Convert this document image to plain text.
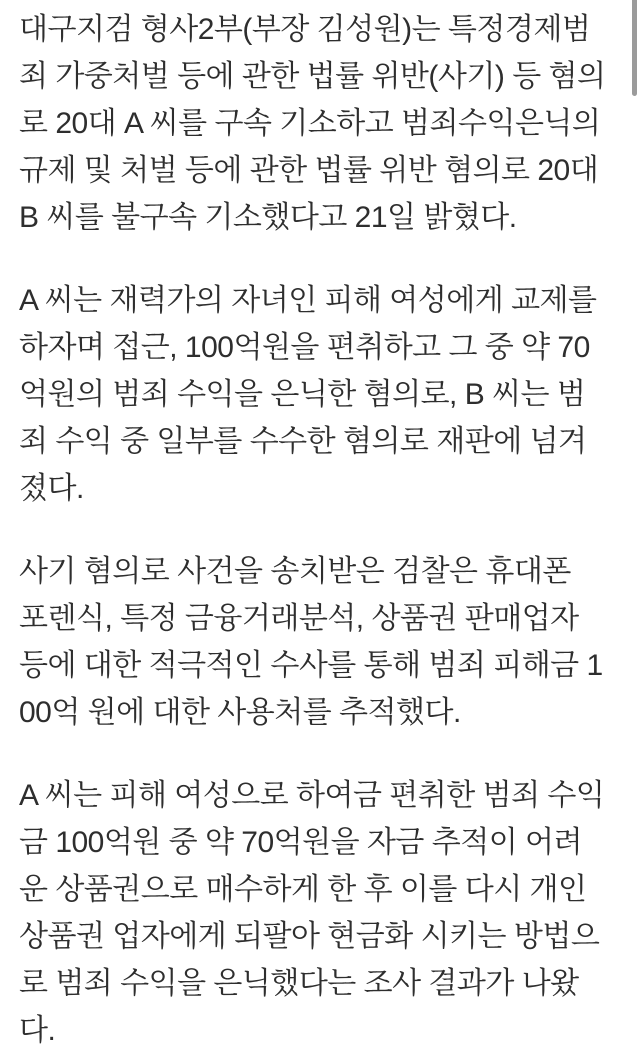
대구지검 형사2부(부장 김성원)는 특정경제범죄 가중처벌 등에 관한 법률 위반(사기) 등 혐의로 20대 A 씨를 구속 기소하고 범죄수익은닉의 규제 및 처벌 등에 관한 법률 위반 혐의로 20대 B 씨를 불구속 기소했다고 21일 밝혔다.

A 씨는 재력가의 자녀인 피해 여성에게 교제를 하자며 접근, 100억원을 편취하고 그 중 약 70억원의 범죄 수익을 은닉한 혐의로, B 씨는 범죄 수익 중 일부를 수수한 혐의로 재판에 넘겨졌다.

사기 혐의로 사건을 송치받은 검찰은 휴대폰 포렌식, 특정 금융거래분석, 상품권 판매업자 등에 대한 적극적인 수사를 통해 범죄 피해금 100억 원에 대한 사용처를 추적했다.

A 씨는 피해 여성으로 하여금 편취한 범죄 수익금 100억원 중 약 70억원을 자금 추적이 어려운 상품권으로 매수하게 한 후 이를 다시 개인 상품권 업자에게 되팔아 현금화 시키는 방법으로 범죄 수익을 은닉했다는 조사 결과가 나왔다.
